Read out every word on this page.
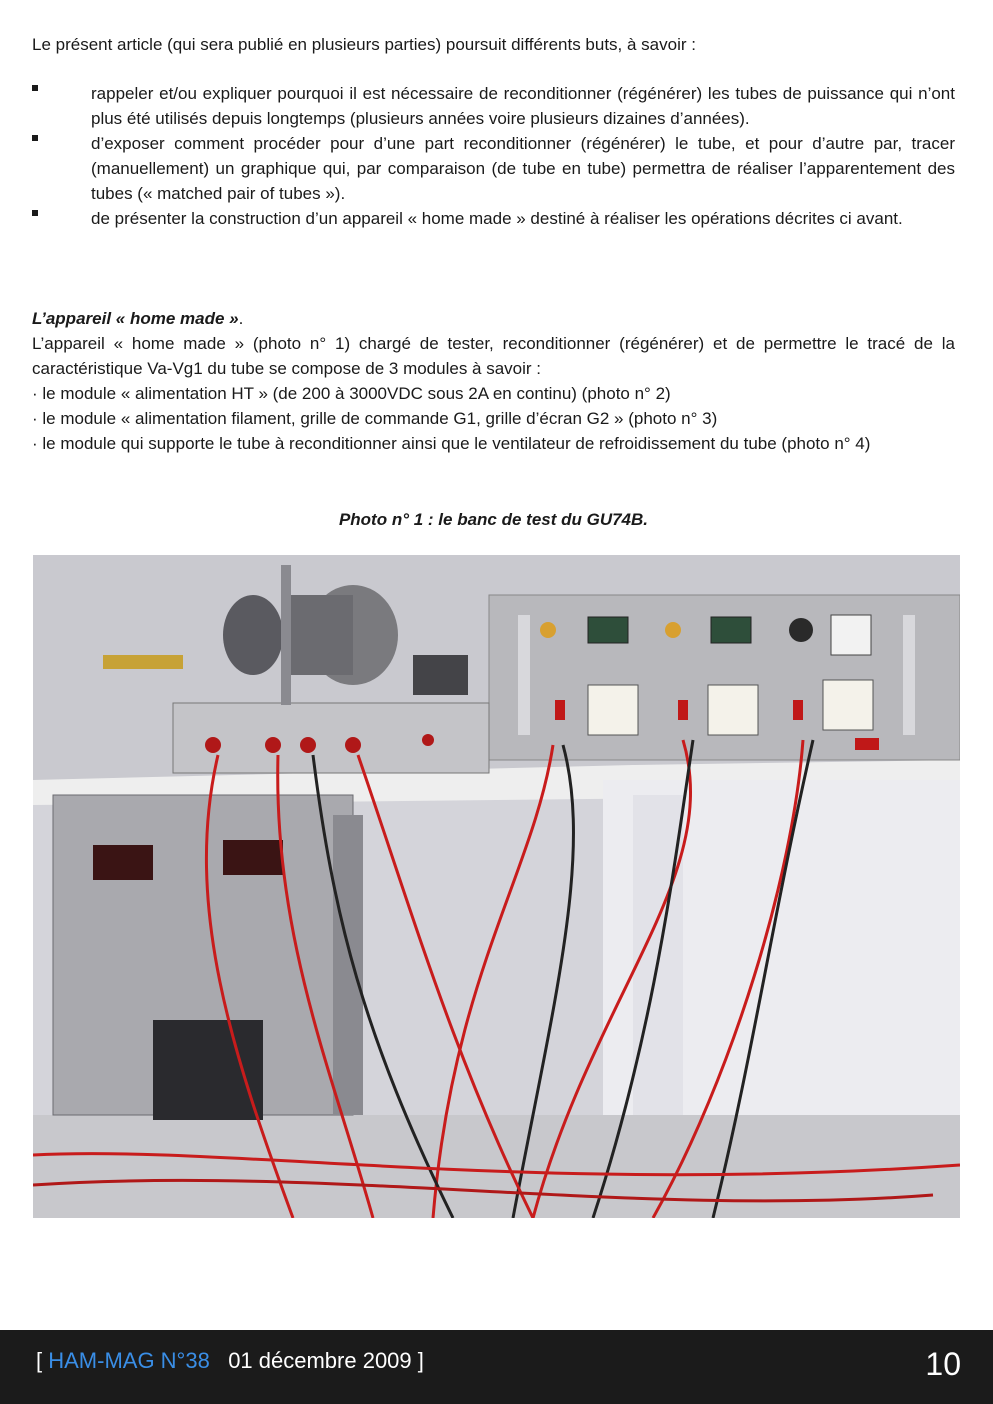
Le présent article (qui sera publié en plusieurs parties) poursuit différents buts, à savoir :
rappeler et/ou expliquer pourquoi il est nécessaire de reconditionner (régénérer) les tubes de puissance qui n’ont plus été utilisés depuis longtemps (plusieurs années voire plusieurs dizaines d’années).
d’exposer comment procéder pour d’une part reconditionner (régénérer) le tube, et pour d’autre par, tracer (manuellement) un graphique qui, par comparaison (de tube en tube) permettra de réaliser l’apparentement des tubes (« matched pair of tubes »).
de présenter la construction d’un appareil « home made » destiné à réaliser les opérations décrites ci avant.

L’appareil « home made ».

L’appareil « home made » (photo n° 1) chargé de tester, reconditionner (régénérer) et de permettre le tracé de la caractéristique Va-Vg1 du tube se compose de 3 modules à savoir :

· le module « alimentation HT » (de 200 à 3000VDC sous 2A en continu) (photo n° 2)

· le module « alimentation filament, grille de commande G1, grille d’écran G2 » (photo n° 3)

· le module qui supporte le tube à reconditionner ainsi que le ventilateur de refroidissement du tube (photo n° 4)

Photo n° 1 : le banc de test du GU74B.
[ HAM-MAG N°38 01 décembre 2009 ]	10
